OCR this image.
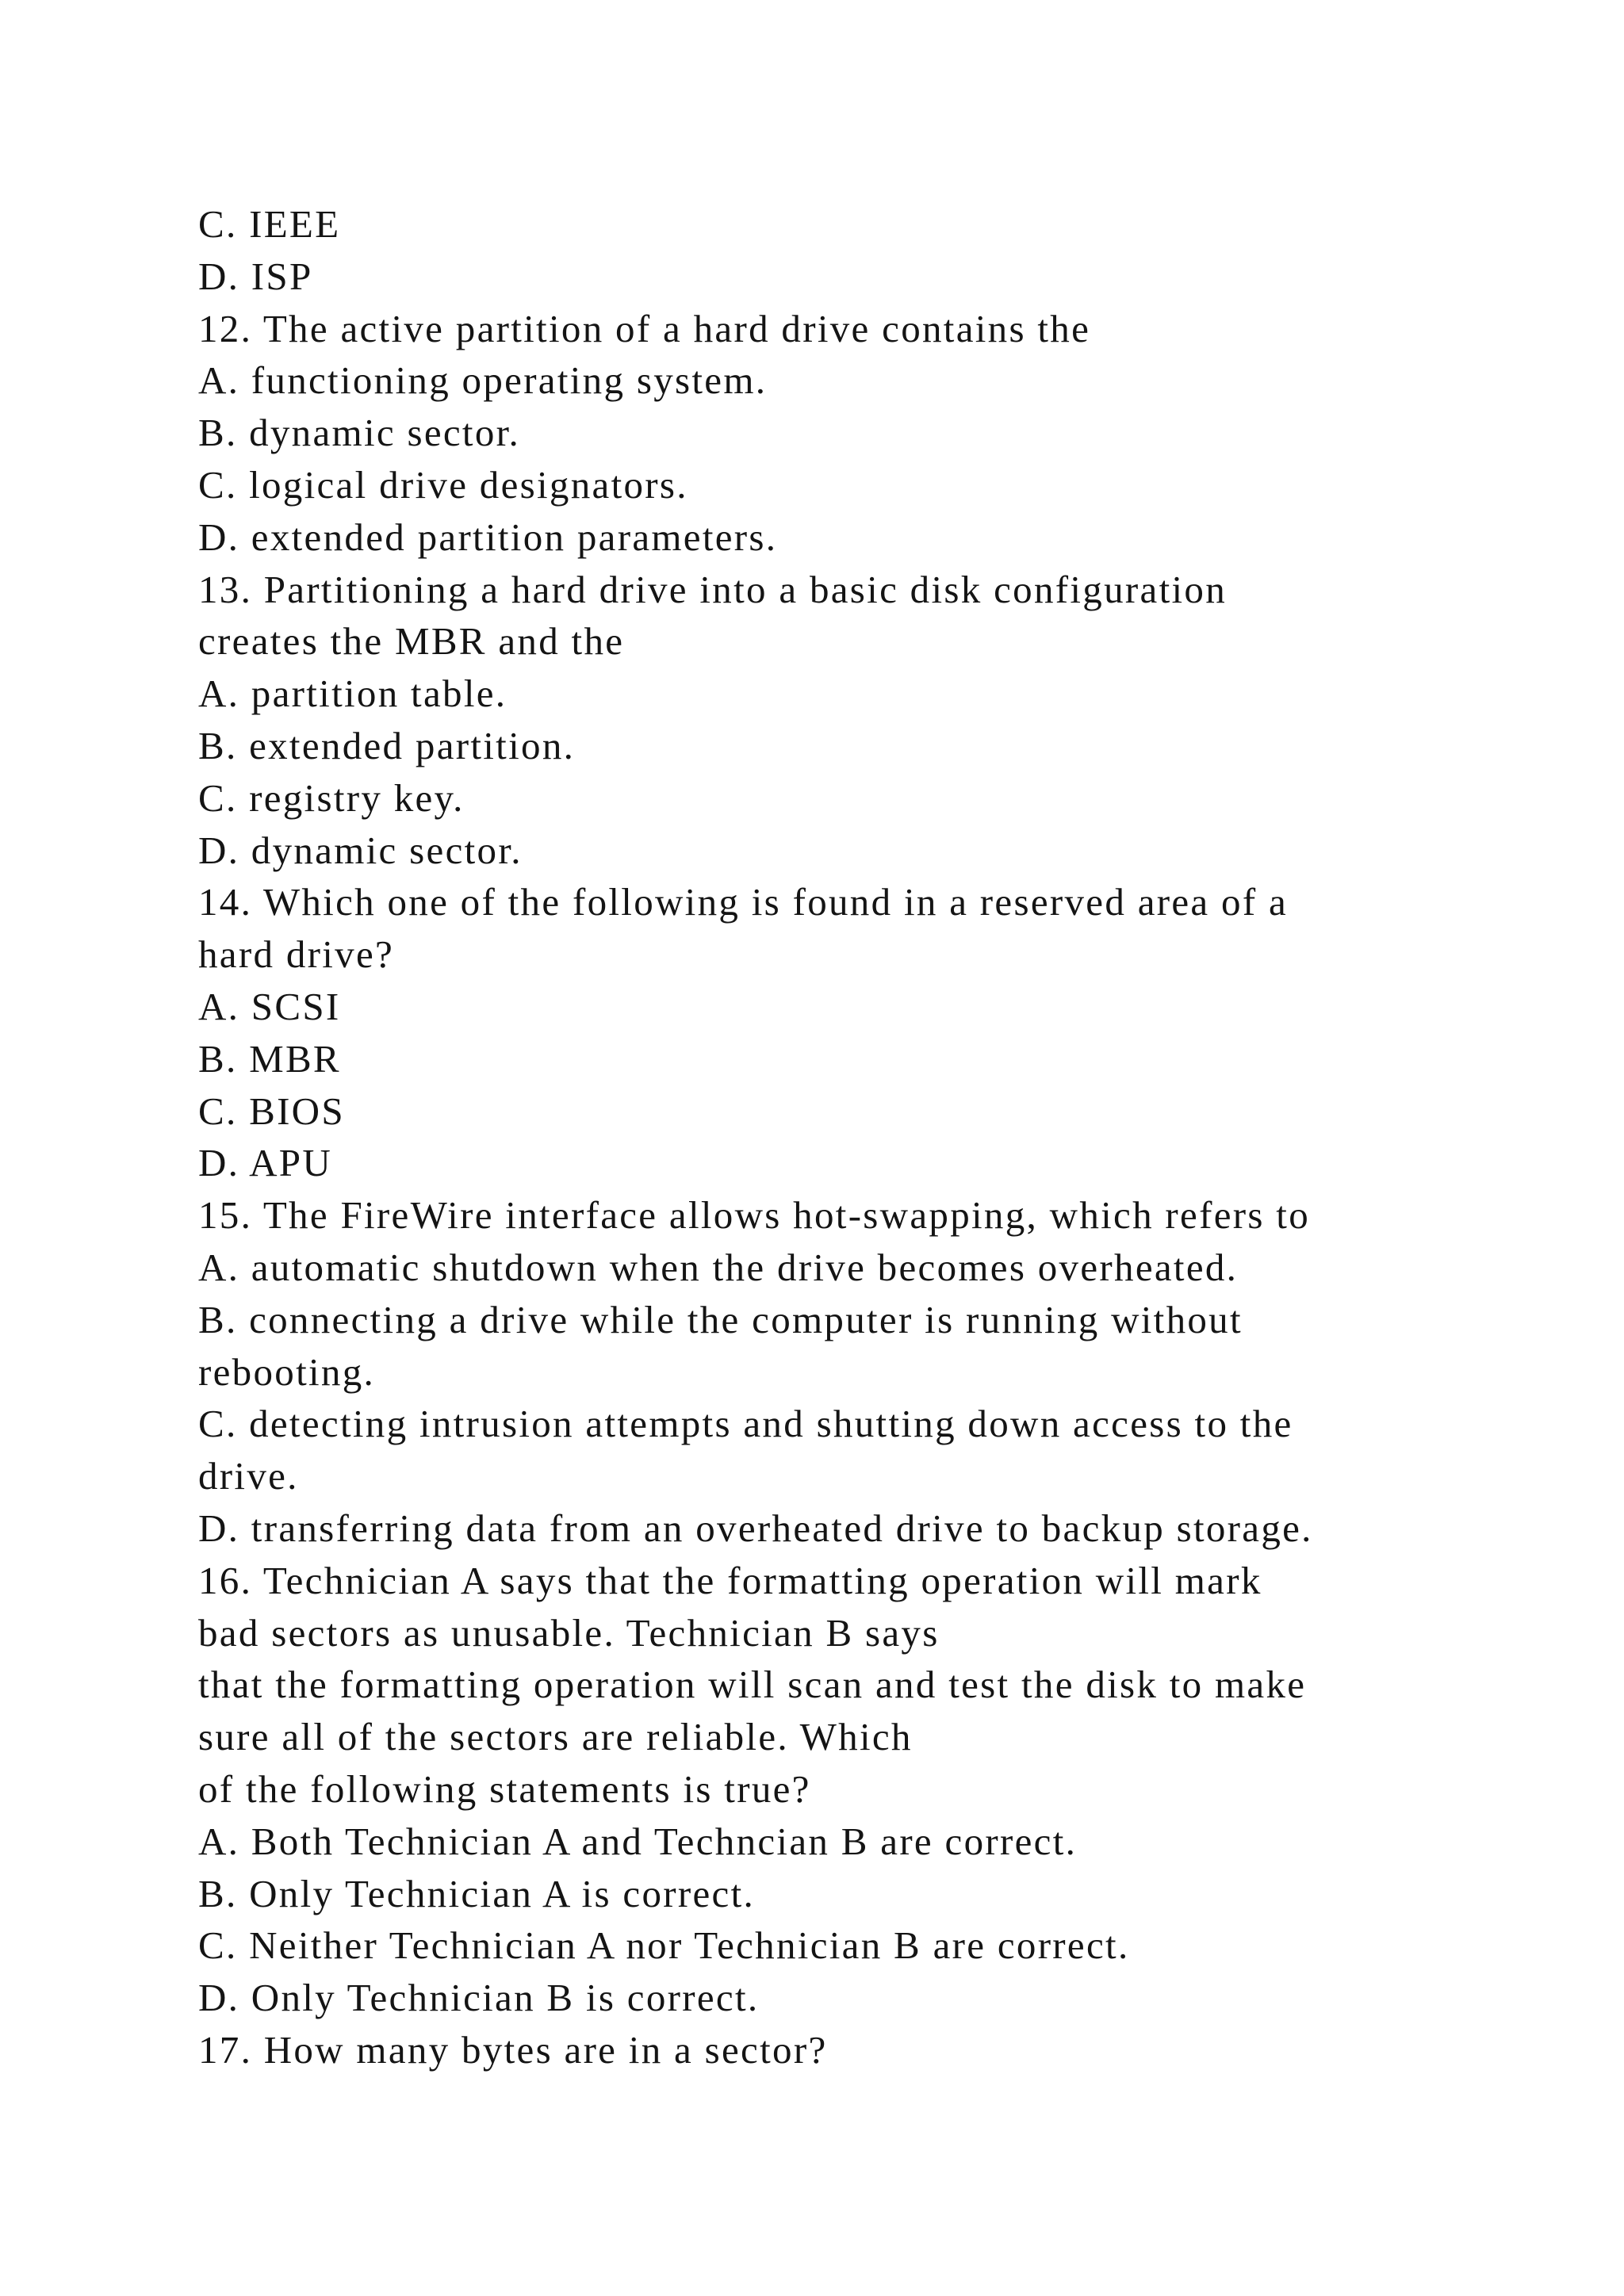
C. IEEE
D. ISP
12. The active partition of a hard drive contains the
A. functioning operating system.
B. dynamic sector.
C. logical drive designators.
D. extended partition parameters.
13. Partitioning a hard drive into a basic disk configuration
creates the MBR and the
A. partition table.
B. extended partition.
C. registry key.
D. dynamic sector.
14. Which one of the following is found in a reserved area of a
hard drive?
A. SCSI
B. MBR
C. BIOS
D. APU
15. The FireWire interface allows hot-swapping, which refers to
A. automatic shutdown when the drive becomes overheated.
B. connecting a drive while the computer is running without
rebooting.
C. detecting intrusion attempts and shutting down access to the
drive.
D. transferring data from an overheated drive to backup storage.
16. Technician A says that the formatting operation will mark
bad sectors as unusable. Technician B says
that the formatting operation will scan and test the disk to make
sure all of the sectors are reliable. Which
of the following statements is true?
A. Both Technician A and Techncian B are correct.
B. Only Technician A is correct.
C. Neither Technician A nor Technician B are correct.
D. Only Technician B is correct.
17. How many bytes are in a sector?
